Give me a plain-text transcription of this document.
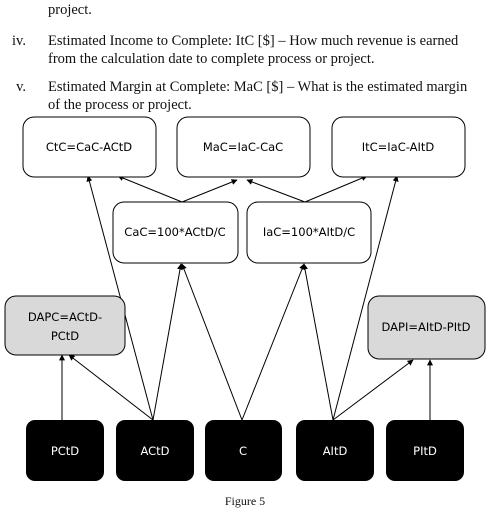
project.
iv. Estimated Income to Complete: ItC [$] – How much revenue is earned
from the calculation date to complete process or project.
v. Estimated Margin at Complete: MaC [$] – What is the estimated margin
of the process or project.
CtC=CaC-ACtD	MaC=IaC-CaC	ItC=IaC-AItD
CaC=100*ACtD/C	IaC=100*AItD/C
DAPC=ACtD-
PCtD
DAPI=AItD-PItD
PCtD	ACtD	C	AItD	PItD
Figure 5
